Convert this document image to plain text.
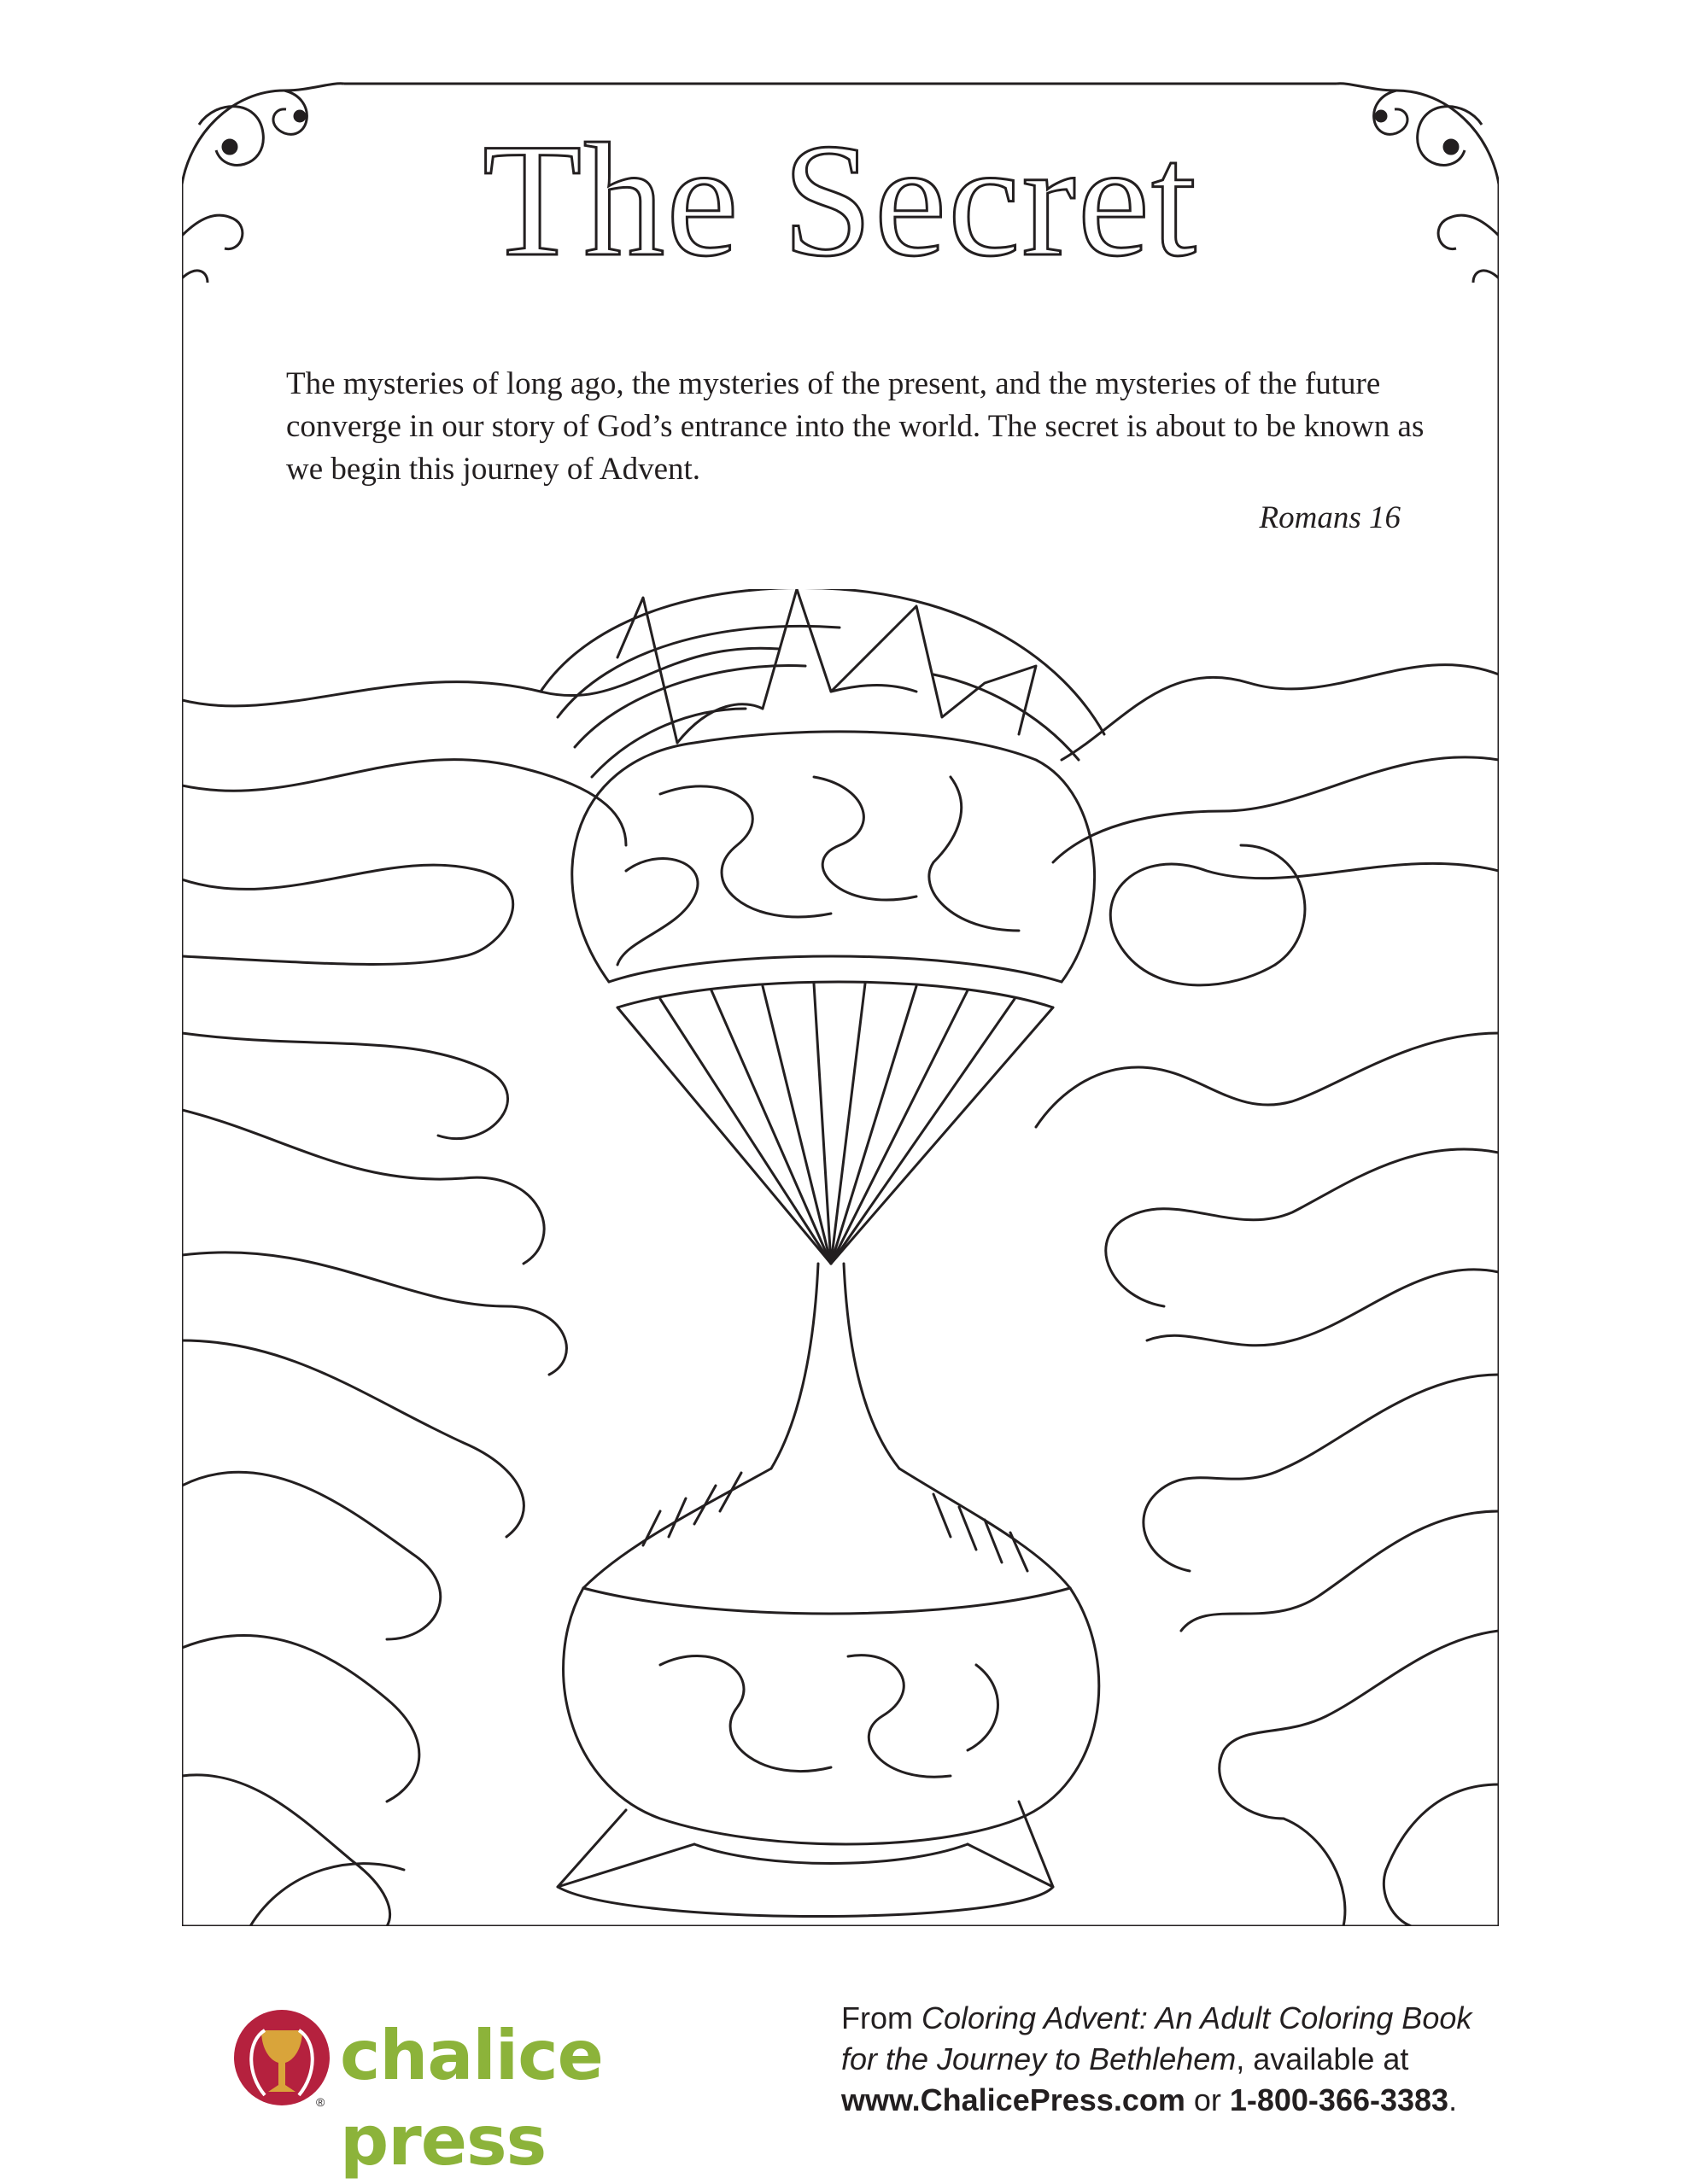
The Secret

The mysteries of long ago, the mysteries of the present, and the mysteries of the future converge in our story of God’s entrance into the world. The secret is about to be known as we begin this journey of Advent.

Romans 16
®
chalice press
From Coloring Advent: An Adult Coloring Book
for the Journey to Bethlehem, available at
www.ChalicePress.com or 1-800-366-3383.
